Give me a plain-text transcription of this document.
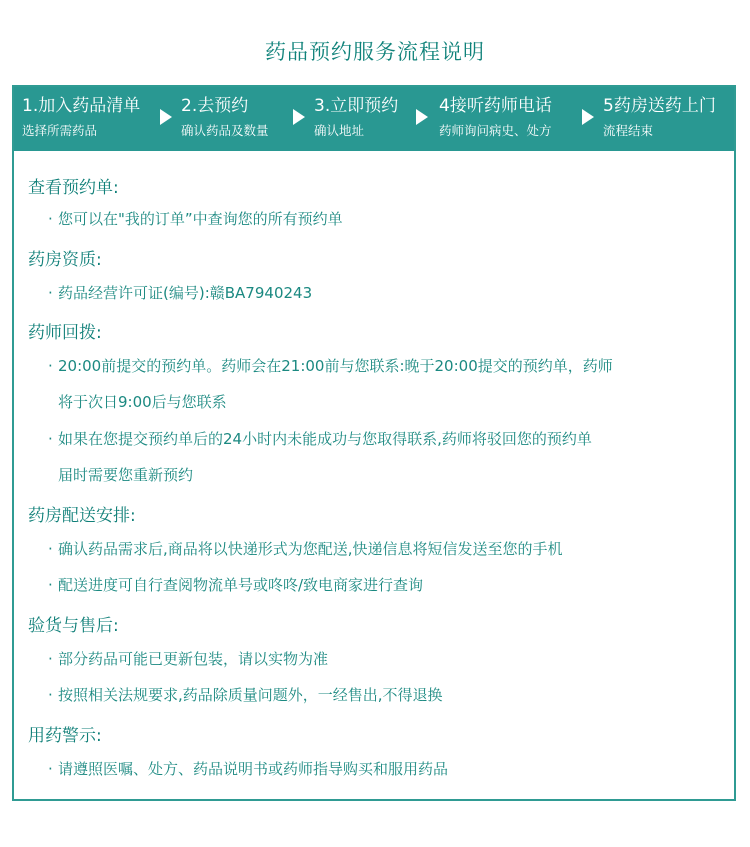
药品预约服务流程说明
1.加入药品清单
选择所需药品
2.去预约
确认药品及数量
3.立即预约
确认地址
4接听药师电话
药师询问病史、处方
5药房送药上门
流程结束
查看预约单:
· 您可以在"我的订单”中查询您的所有预约单
药房资质:
· 药品经营许可证(编号):赣BA7940243
药师回拨:
· 20:00前提交的预约单。药师会在21:00前与您联系:晚于20:00提交的预约单，药师
将于次日9:00后与您联系
· 如果在您提交预约单后的24小时内未能成功与您取得联系,药师将驳回您的预约单
届时需要您重新预约
药房配送安排:
· 确认药品需求后,商品将以快递形式为您配送,快递信息将短信发送至您的手机
· 配送进度可自行查阅物流单号或咚咚/致电商家进行查询
验货与售后:
· 部分药品可能已更新包装，请以实物为准
· 按照相关法规要求,药品除质量问题外，一经售出,不得退换
用药警示:
· 请遵照医嘱、处方、药品说明书或药师指导购买和服用药品
